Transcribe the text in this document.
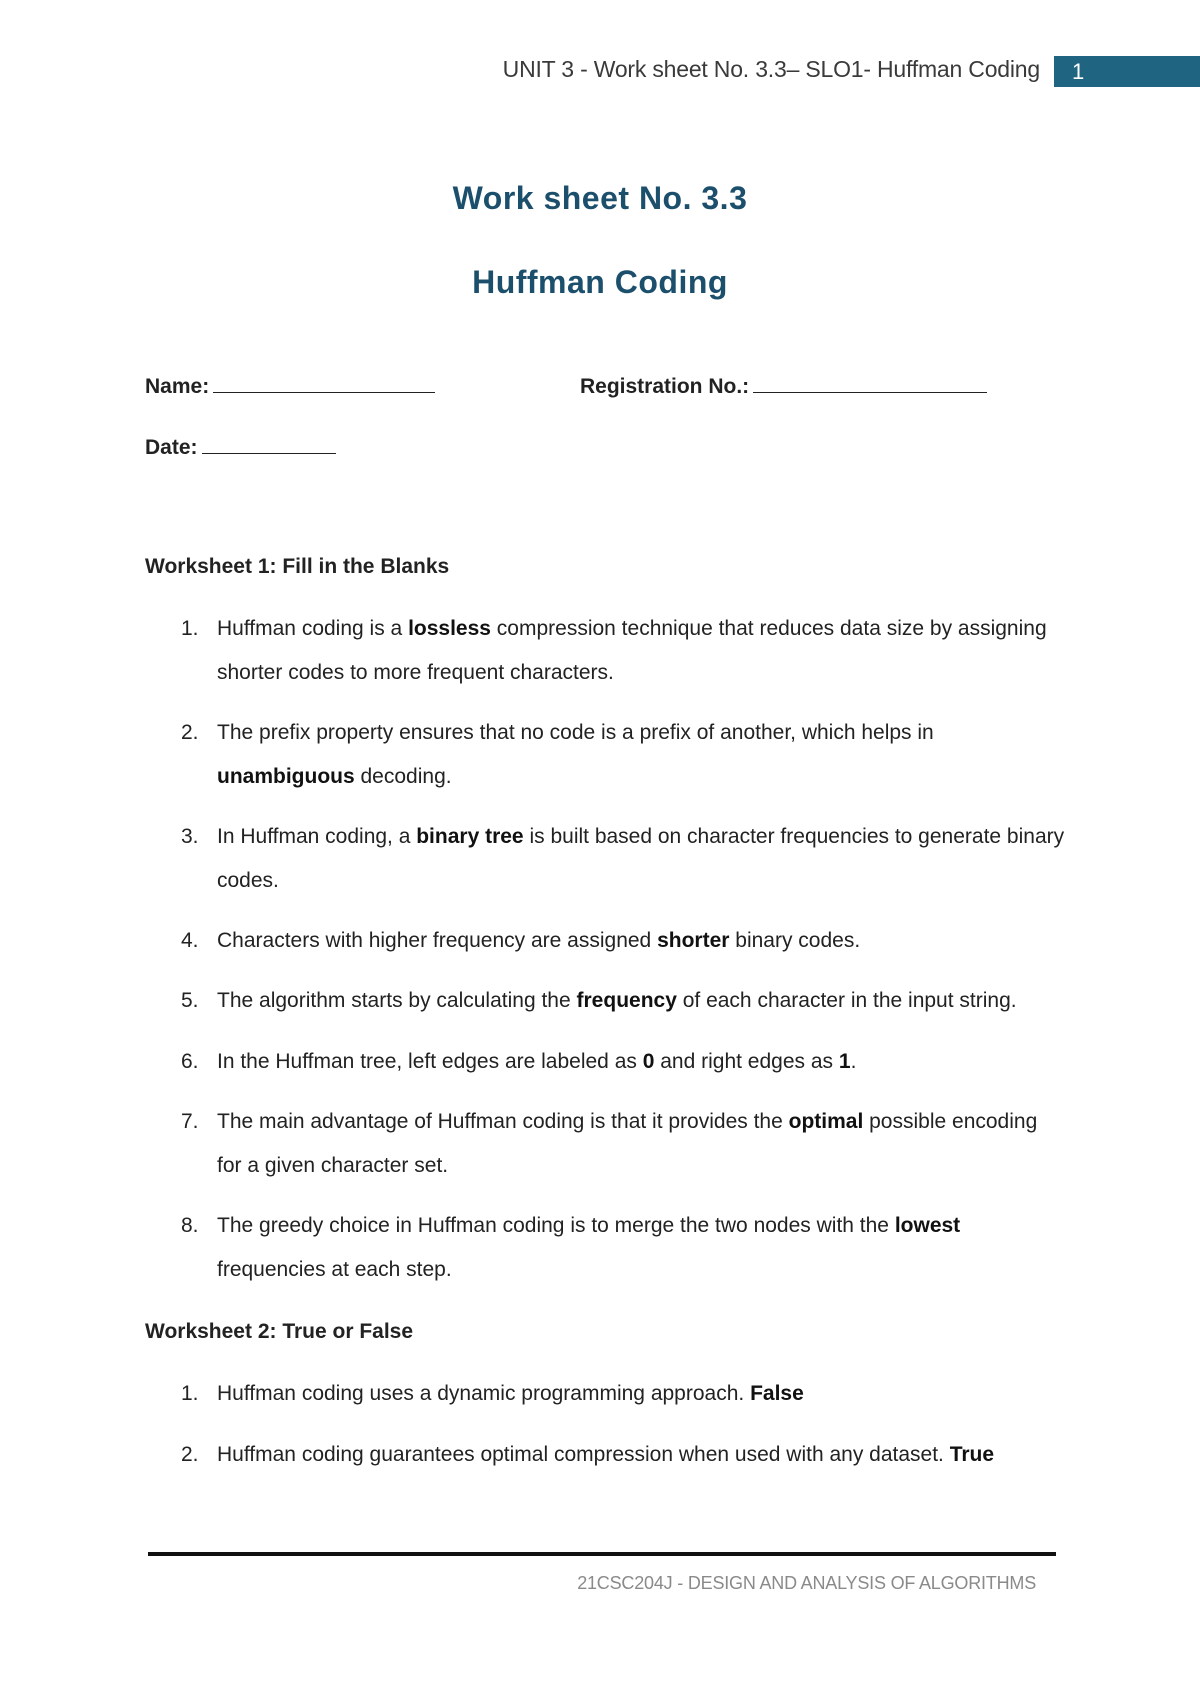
UNIT 3 - Work sheet No. 3.3– SLO1- Huffman Coding	1
Work sheet No. 3.3
Huffman Coding
Name:	Registration No.:
Date:
Worksheet 1: Fill in the Blanks
1. Huffman coding is a lossless compression technique that reduces data size by assigning shorter codes to more frequent characters.
2. The prefix property ensures that no code is a prefix of another, which helps in unambiguous decoding.
3. In Huffman coding, a binary tree is built based on character frequencies to generate binary codes.
4. Characters with higher frequency are assigned shorter binary codes.
5. The algorithm starts by calculating the frequency of each character in the input string.
6. In the Huffman tree, left edges are labeled as 0 and right edges as 1.
7. The main advantage of Huffman coding is that it provides the optimal possible encoding for a given character set.
8. The greedy choice in Huffman coding is to merge the two nodes with the lowest frequencies at each step.
Worksheet 2: True or False
1. Huffman coding uses a dynamic programming approach. False
2. Huffman coding guarantees optimal compression when used with any dataset. True
21CSC204J - DESIGN AND ANALYSIS OF ALGORITHMS
